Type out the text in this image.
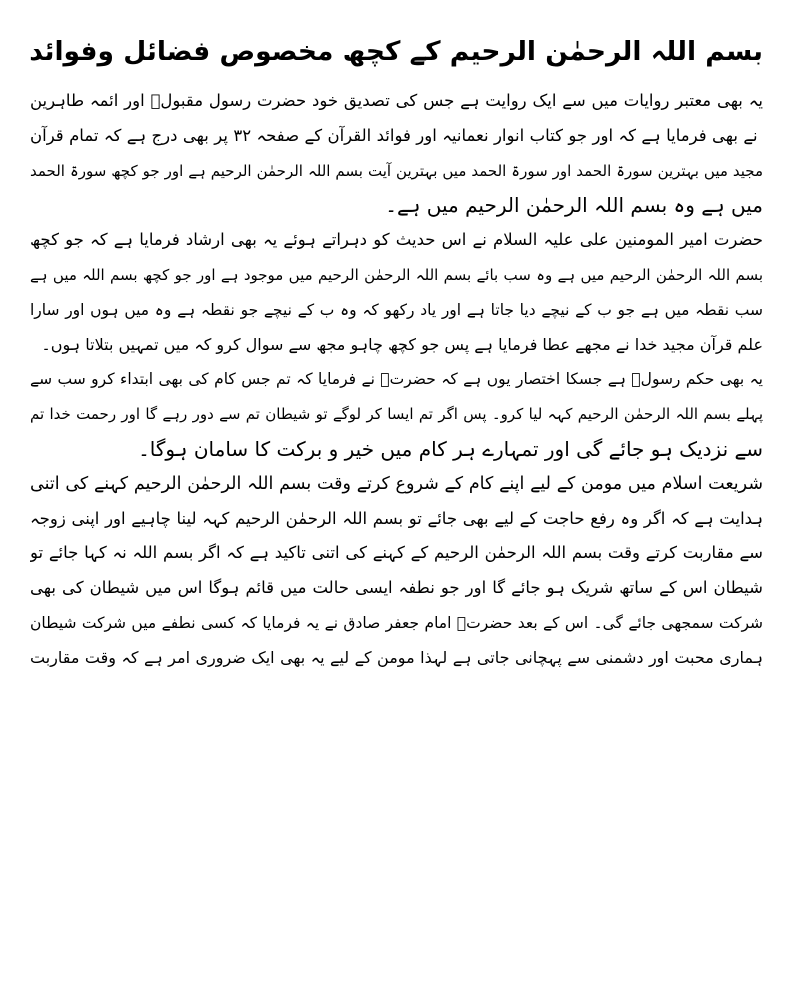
بسم اللہ الرحمٰن الرحیم کے کچھ مخصوص فضائل وفوائد
یہ بھی معتبر روایات میں سے ایک روایت ہے جس کی تصدیق خود حضرت رسول مقبولؐ اور ائمہ طاہرین
ؑ نے بھی فرمایا ہے کہ اور جو کتاب انوار نعمانیہ اور فوائد القرآن کے صفحہ ۳۲ پر بھی درج ہے کہ تمام قرآن
مجید میں بہترین سورۃ الحمد اور سورۃ الحمد میں بہترین آیت بسم اللہ الرحمٰن الرحیم ہے اور جو کچھ سورۃ الحمد
میں ہے وہ بسم اللہ الرحمٰن الرحیم میں ہے۔
حضرت امیر المومنین علی علیہ السلام نے اس حدیث کو دہراتے ہوئے یہ بھی ارشاد فرمایا ہے کہ جو کچھ
بسم اللہ الرحمٰن الرحیم میں ہے وہ سب بائے بسم اللہ الرحمٰن الرحیم میں موجود ہے اور جو کچھ بسم اللہ میں ہے
سب نقطہ میں ہے جو ب کے نیچے دیا جاتا ہے اور یاد رکھو کہ وہ ب کے نیچے جو نقطہ ہے وہ میں ہوں اور سارا
علم قرآن مجید خدا نے مجھے عطا فرمایا ہے پس جو کچھ چاہو مجھ سے سوال کرو کہ میں تمہیں بتلاتا ہوں۔
یہ بھی حکم رسولؐ ہے جسکا اختصار یوں ہے کہ حضرتؐ نے فرمایا کہ تم جس کام کی بھی ابتداء کرو سب سے
پہلے بسم اللہ الرحمٰن الرحیم کہہ لیا کرو۔ پس اگر تم ایسا کر لوگے تو شیطان تم سے دور رہے گا اور رحمت خدا تم
سے نزدیک ہو جائے گی اور تمہارے ہر کام میں خیر و برکت کا سامان ہوگا۔
شریعت اسلام میں مومن کے لیے اپنے کام کے شروع کرتے وقت بسم اللہ الرحمٰن الرحیم کہنے کی اتنی
ہدایت ہے کہ اگر وہ رفع حاجت کے لیے بھی جائے تو بسم اللہ الرحمٰن الرحیم کہہ لینا چاہیے اور اپنی زوجہ
سے مقاربت کرتے وقت بسم اللہ الرحمٰن الرحیم کے کہنے کی اتنی تاکید ہے کہ اگر بسم اللہ نہ کہا جائے تو
شیطان اس کے ساتھ شریک ہو جائے گا اور جو نطفہ ایسی حالت میں قائم ہوگا اس میں شیطان کی بھی
شرکت سمجھی جائے گی۔ اس کے بعد حضرتؑ امام جعفر صادق نے یہ فرمایا کہ کسی نطفے میں شرکت شیطان
ہماری محبت اور دشمنی سے پہچانی جاتی ہے لہذا مومن کے لیے یہ بھی ایک ضروری امر ہے کہ وقت مقاربت
